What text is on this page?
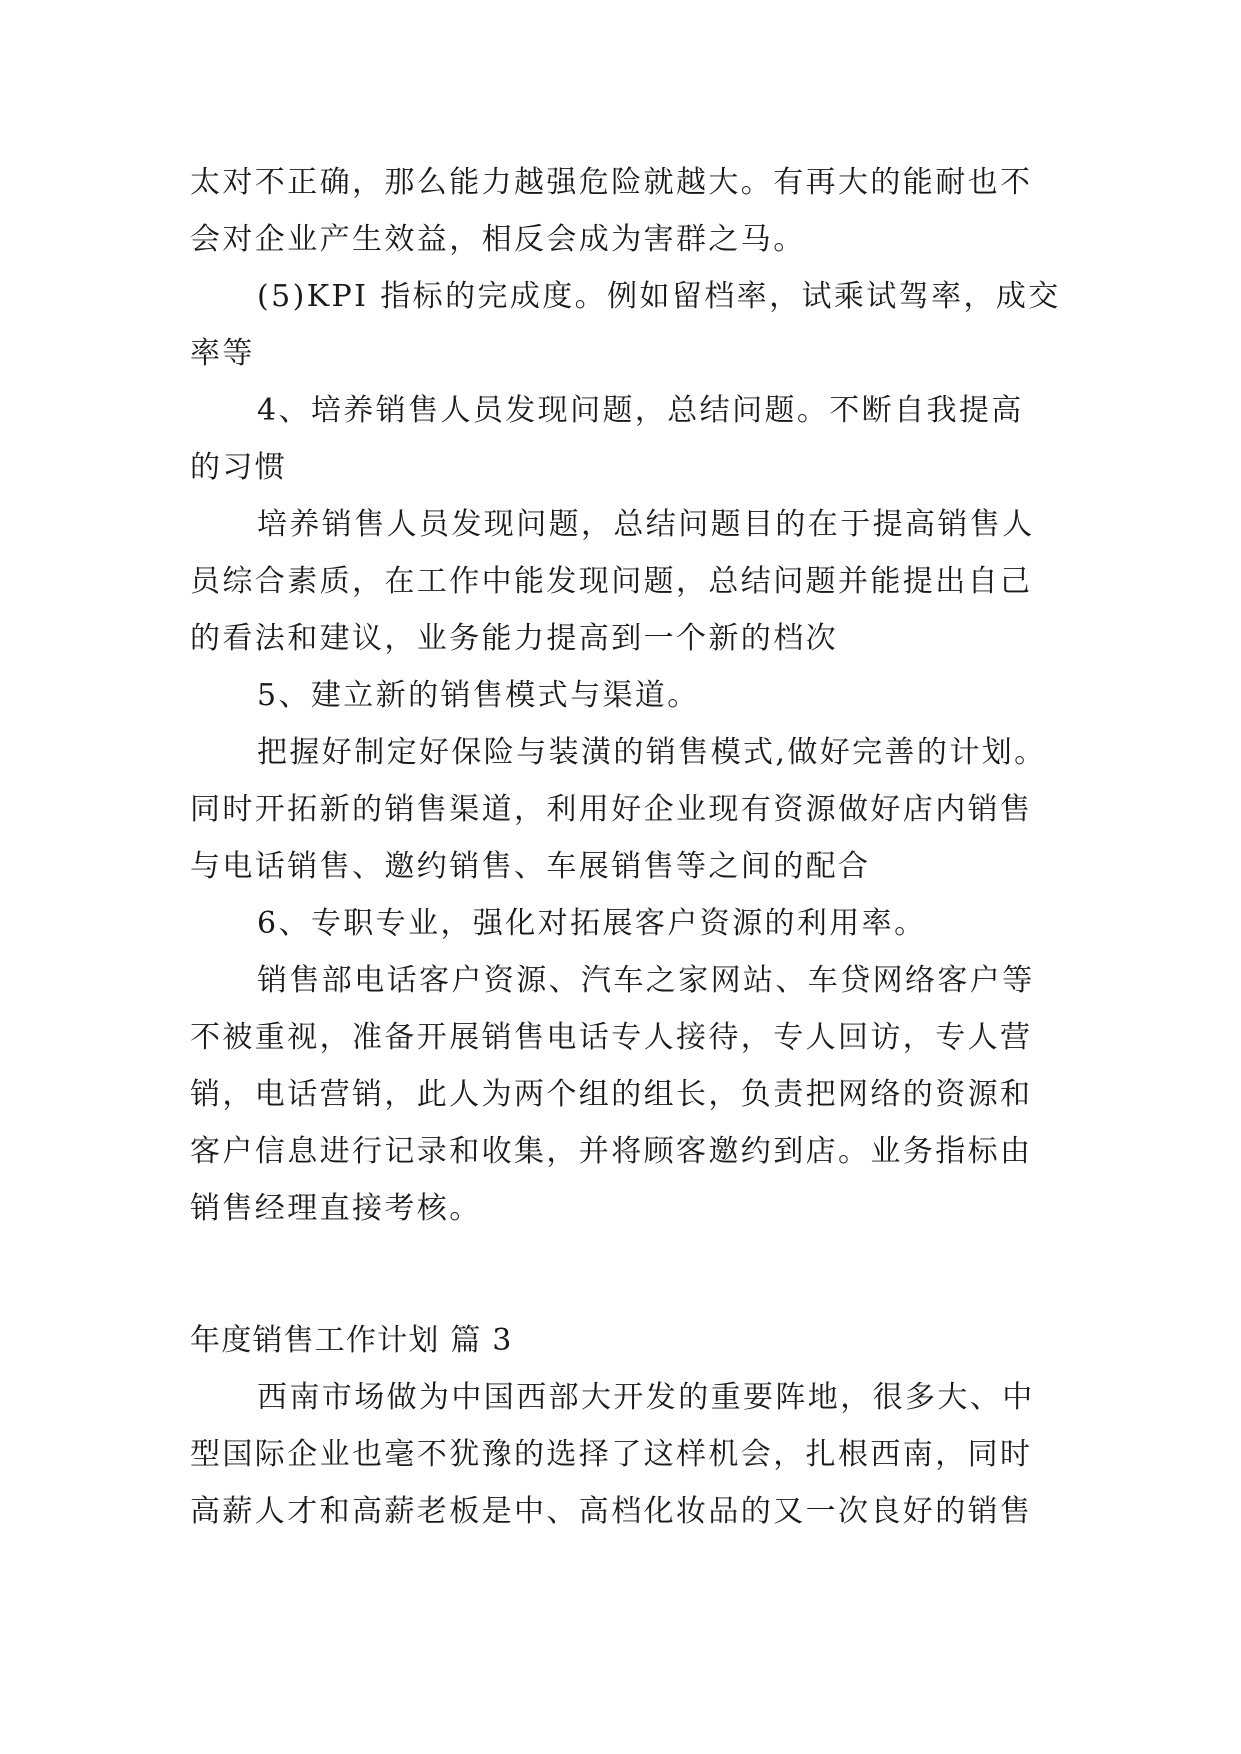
太对不正确，那么能力越强危险就越大。有再大的能耐也不
会对企业产生效益，相反会成为害群之马。
(5)KPI 指标的完成度。例如留档率，试乘试驾率，成交
率等
4、培养销售人员发现问题，总结问题。不断自我提高
的习惯
培养销售人员发现问题，总结问题目的在于提高销售人
员综合素质，在工作中能发现问题，总结问题并能提出自己
的看法和建议，业务能力提高到一个新的档次
5、建立新的销售模式与渠道。
把握好制定好保险与装潢的销售模式,做好完善的计划。
同时开拓新的销售渠道，利用好企业现有资源做好店内销售
与电话销售、邀约销售、车展销售等之间的配合
6、专职专业，强化对拓展客户资源的利用率。
销售部电话客户资源、汽车之家网站、车贷网络客户等
不被重视，准备开展销售电话专人接待，专人回访，专人营
销，电话营销，此人为两个组的组长，负责把网络的资源和
客户信息进行记录和收集，并将顾客邀约到店。业务指标由
销售经理直接考核。
年度销售工作计划 篇 3
西南市场做为中国西部大开发的重要阵地，很多大、中
型国际企业也毫不犹豫的选择了这样机会，扎根西南，同时
高薪人才和高薪老板是中、高档化妆品的又一次良好的销售
